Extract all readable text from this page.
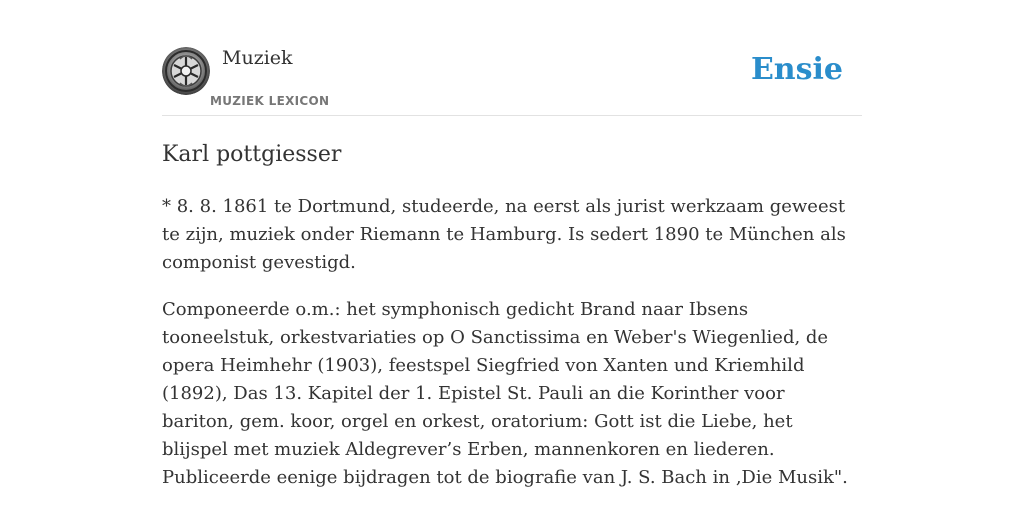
Muziek
MUZIEK LEXICON
Ensie
Karl pottgiesser

* 8. 8. 1861 te Dortmund, studeerde, na eerst als jurist werkzaam geweest te zijn, muziek onder Riemann te Hamburg. Is sedert 1890 te München als componist gevestigd.

Componeerde o.m.: het symphonisch gedicht Brand naar Ibsens tooneelstuk, orkestvariaties op O Sanctissima en Weber's Wiegenlied, de opera Heimhehr (1903), feestspel Siegfried von Xanten und Kriemhild (1892), Das 13. Kapitel der 1. Epistel St. Pauli an die Korinther voor bariton, gem. koor, orgel en orkest, oratorium: Gott ist die Liebe, het blijspel met muziek Aldegrever’s Erben, mannenkoren en liederen. Publiceerde eenige bijdragen tot de biografie van J. S. Bach in ‚Die Musik".
